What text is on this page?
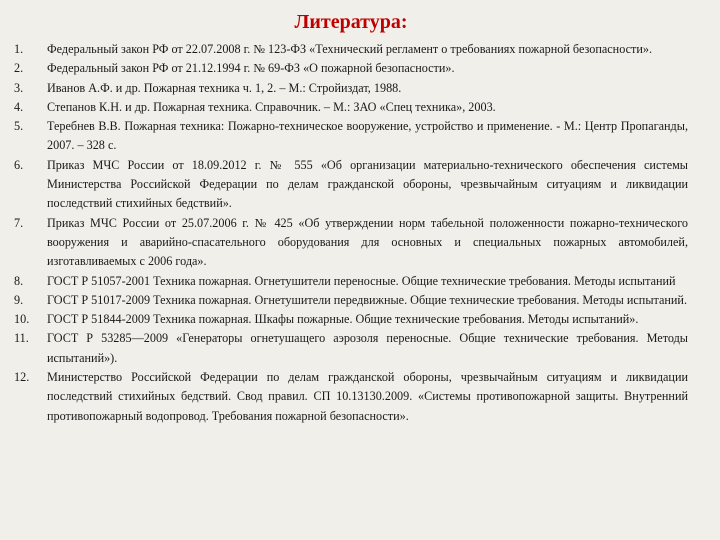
Литература:
1.	Федеральный закон РФ от 22.07.2008 г. № 123-ФЗ «Технический регламент о требованиях пожарной безопасности».
2.	Федеральный закон РФ от 21.12.1994 г. № 69-ФЗ «О пожарной безопасности».
3.	Иванов А.Ф. и др. Пожарная техника ч. 1, 2. – М.: Стройиздат, 1988.
4.	Степанов К.Н. и др. Пожарная техника. Справочник. – М.: ЗАО «Спец техника», 2003.
5.	Теребнев В.В. Пожарная техника: Пожарно-техническое вооружение, устройство и применение. - М.: Центр Пропаганды, 2007. – 328 с.
6.	Приказ МЧС России от 18.09.2012 г. № 555 «Об организации материально-технического обеспечения системы Министерства Российской Федерации по делам гражданской обороны, чрезвычайным ситуациям и ликвидации последствий стихийных бедствий».
7.	Приказ МЧС России от 25.07.2006 г. № 425 «Об утверждении норм табельной положенности пожарно-технического вооружения и аварийно-спасательного оборудования для основных и специальных пожарных автомобилей, изготавливаемых с 2006 года».
8.	ГОСТ Р 51057-2001 Техника пожарная. Огнетушители переносные. Общие технические требования. Методы испытаний
9.	ГОСТ Р 51017-2009 Техника пожарная. Огнетушители передвижные. Общие технические требования. Методы испытаний.
10.	ГОСТ Р 51844-2009 Техника пожарная. Шкафы пожарные. Общие технические требования. Методы испытаний».
11.	ГОСТ Р 53285—2009 «Генераторы огнетушащего аэрозоля переносные. Общие технические требования. Методы испытаний»).
12.	Министерство Российской Федерации по делам гражданской обороны, чрезвычайным ситуациям и ликвидации последствий стихийных бедствий. Свод правил. СП 10.13130.2009. «Системы противопожарной защиты. Внутренний противопожарный водопровод. Требования пожарной безопасности».
